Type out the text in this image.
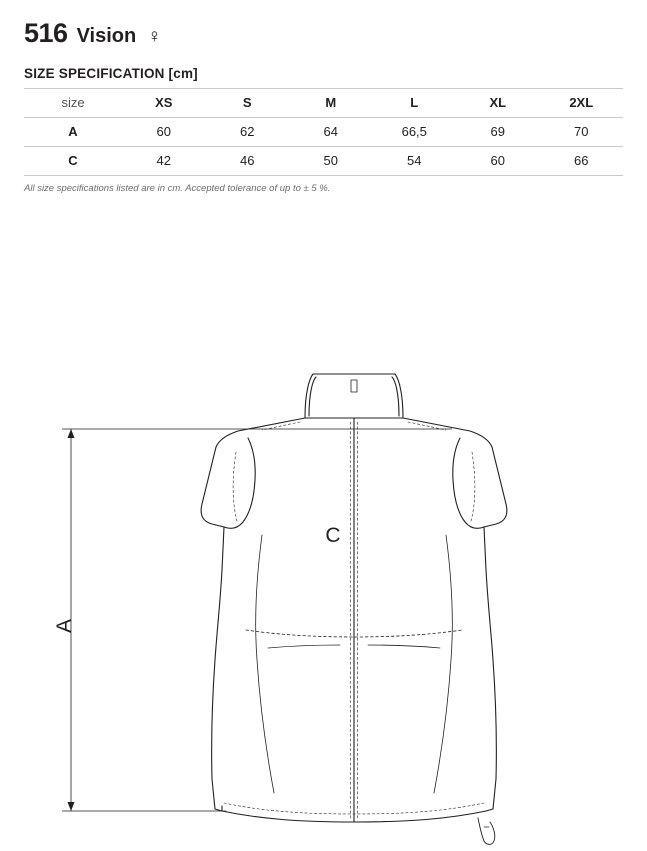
516 Vision ♀
SIZE SPECIFICATION [cm]
size	XS	S	M	L	XL	2XL
A	60	62	64	66,5	69	70
C	42	46	50	54	60	66
All size specifications listed are in cm. Accepted tolerance of up to ± 5 %.
A
C
